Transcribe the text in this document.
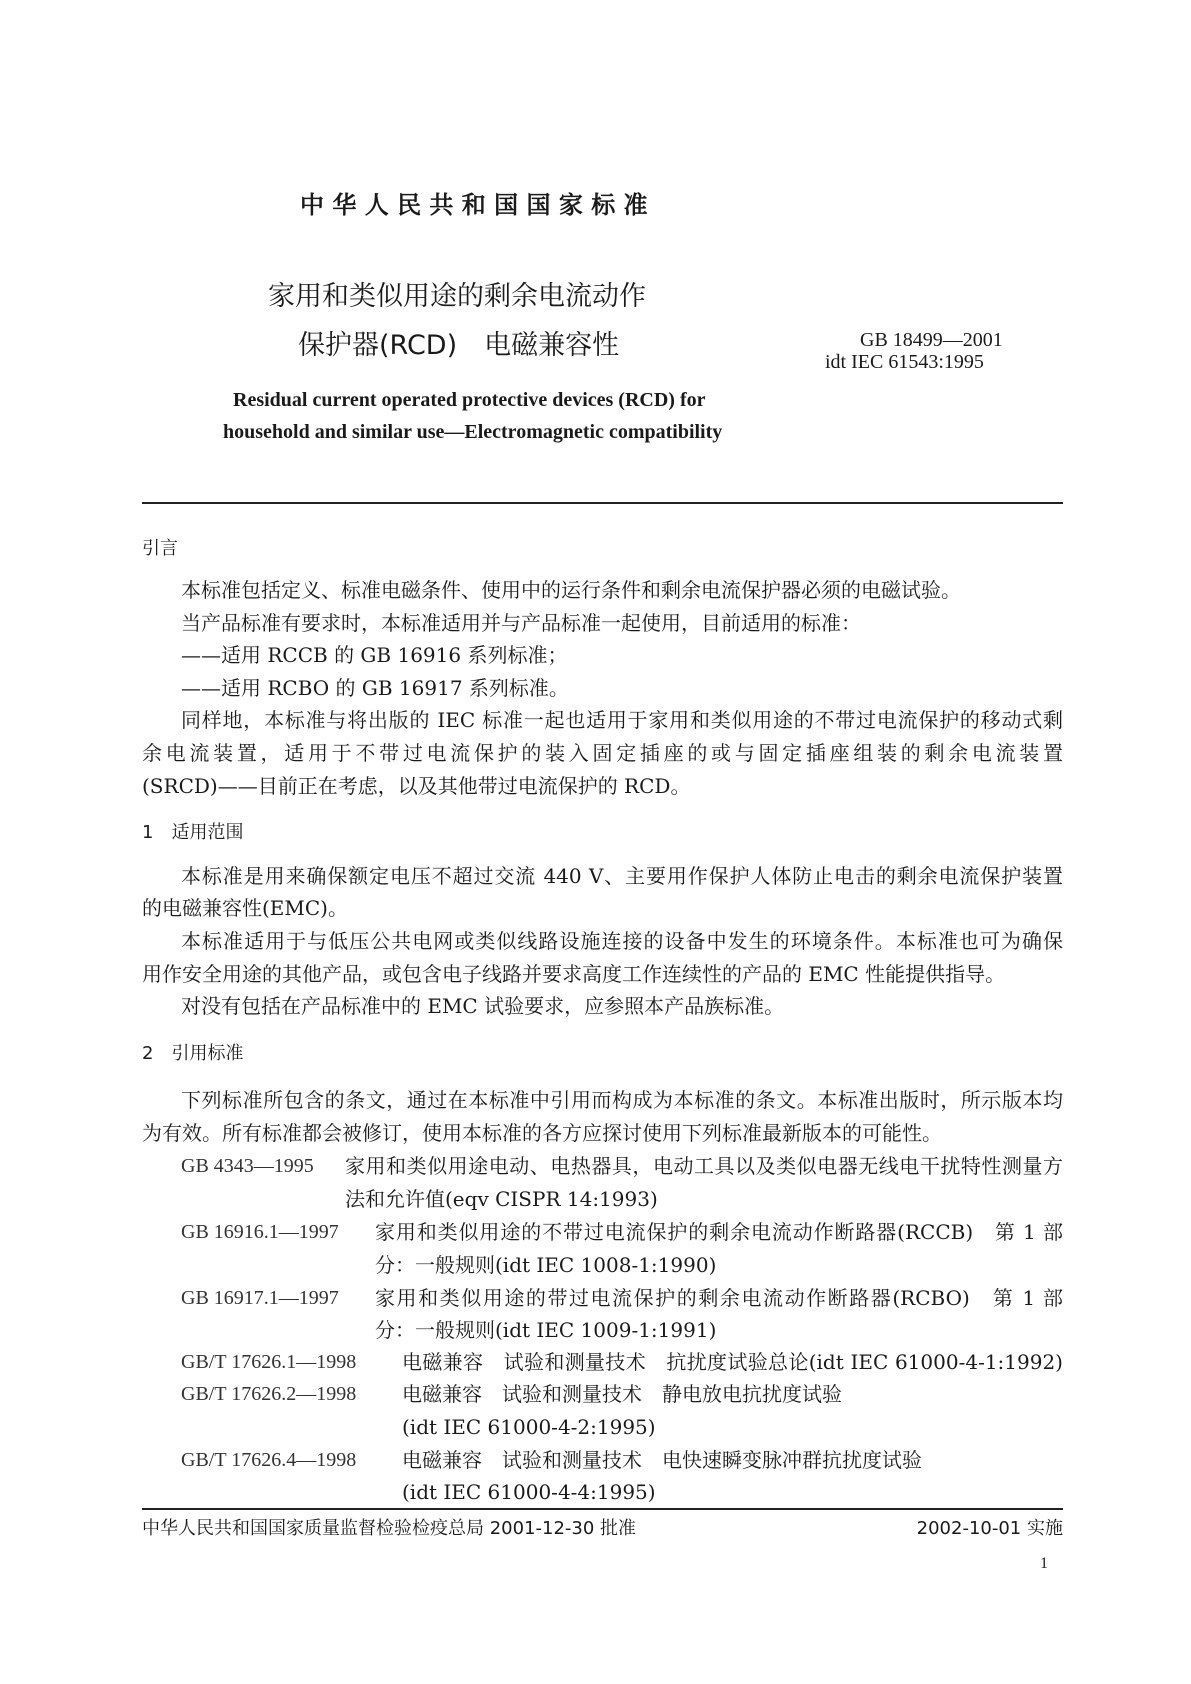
中 华 人 民 共 和 国 国 家 标 准
家用和类似用途的剩余电流动作
保护器(RCD)　电磁兼容性	GB 18499—2001
idt IEC 61543:1995
Residual current operated protective devices (RCD) for
household and similar use—Electromagnetic compatibility
引言
本标准包括定义、标准电磁条件、使用中的运行条件和剩余电流保护器必须的电磁试验。
当产品标准有要求时，本标准适用并与产品标准一起使用，目前适用的标准：
——适用 RCCB 的 GB 16916 系列标准；
——适用 RCBO 的 GB 16917 系列标准。
同样地，本标准与将出版的 IEC 标准一起也适用于家用和类似用途的不带过电流保护的移动式剩
余电流装置，适用于不带过电流保护的装入固定插座的或与固定插座组装的剩余电流装置
(SRCD)——目前正在考虑，以及其他带过电流保护的 RCD。
1　适用范围
本标准是用来确保额定电压不超过交流 440 V、主要用作保护人体防止电击的剩余电流保护装置
的电磁兼容性(EMC)。
本标准适用于与低压公共电网或类似线路设施连接的设备中发生的环境条件。本标准也可为确保
用作安全用途的其他产品，或包含电子线路并要求高度工作连续性的产品的 EMC 性能提供指导。
对没有包括在产品标准中的 EMC 试验要求，应参照本产品族标准。
2　引用标准
下列标准所包含的条文，通过在本标准中引用而构成为本标准的条文。本标准出版时，所示版本均
为有效。所有标准都会被修订，使用本标准的各方应探讨使用下列标准最新版本的可能性。
GB 4343—1995 家用和类似用途电动、电热器具，电动工具以及类似电器无线电干扰特性测量方
法和允许值(eqv CISPR 14:1993)
GB 16916.1—1997 家用和类似用途的不带过电流保护的剩余电流动作断路器(RCCB)　第 1 部
分：一般规则(idt IEC 1008-1:1990)
GB 16917.1—1997 家用和类似用途的带过电流保护的剩余电流动作断路器(RCBO)　第 1 部
分：一般规则(idt IEC 1009-1:1991)
GB/T 17626.1—1998 电磁兼容　试验和测量技术　抗扰度试验总论(idt IEC 61000-4-1:1992)
GB/T 17626.2—1998 电磁兼容　试验和测量技术　静电放电抗扰度试验
(idt IEC 61000-4-2:1995)
GB/T 17626.4—1998 电磁兼容　试验和测量技术　电快速瞬变脉冲群抗扰度试验
(idt IEC 61000-4-4:1995)
中华人民共和国国家质量监督检验检疫总局 2001-12-30 批准	2002-10-01 实施
1
